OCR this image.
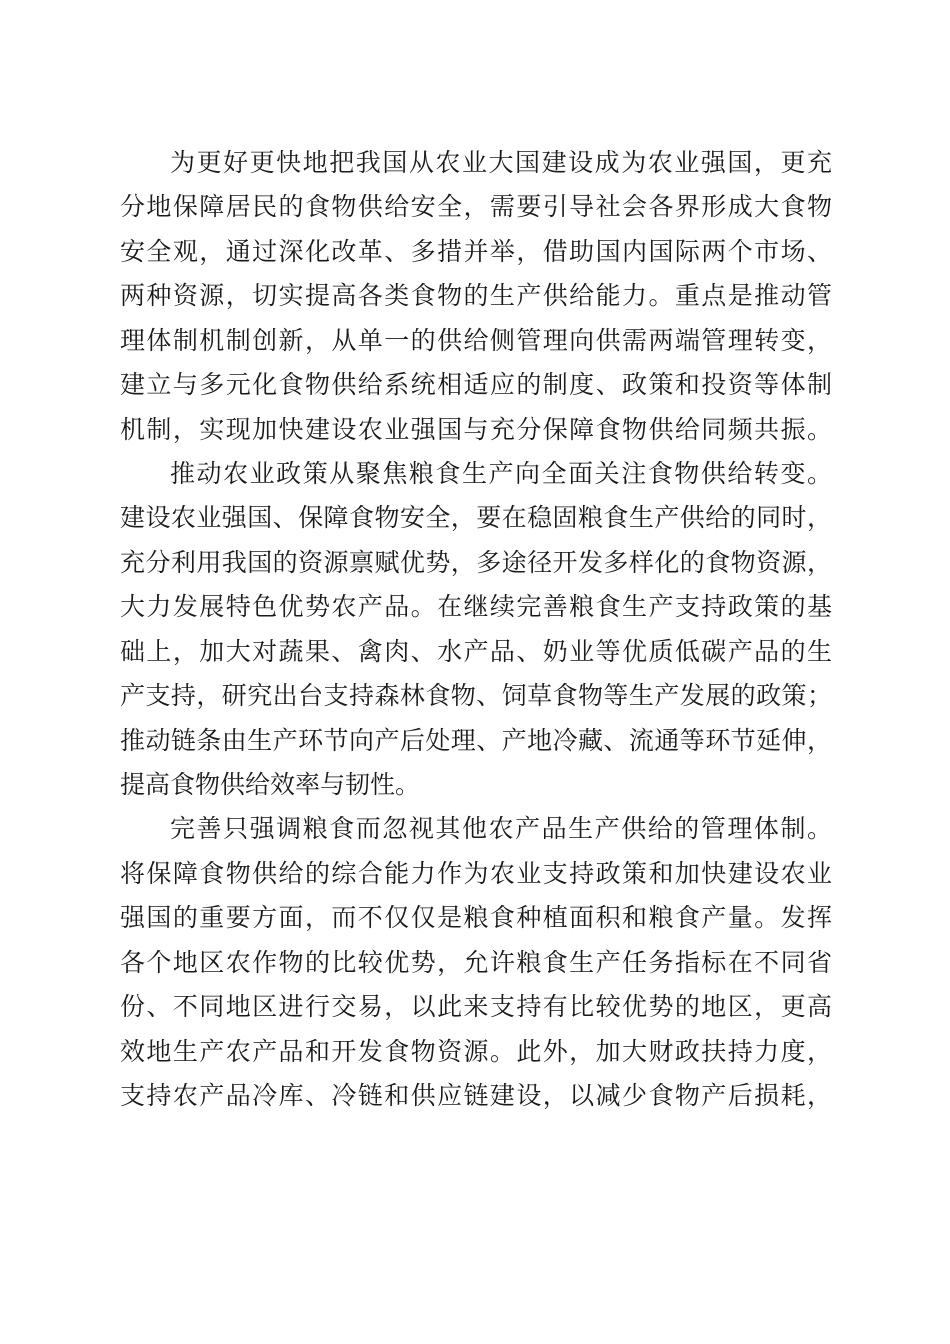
为更好更快地把我国从农业大国建设成为农业强国，更充
分地保障居民的食物供给安全，需要引导社会各界形成大食物
安全观，通过深化改革、多措并举，借助国内国际两个市场、
两种资源，切实提高各类食物的生产供给能力。重点是推动管
理体制机制创新，从单一的供给侧管理向供需两端管理转变，
建立与多元化食物供给系统相适应的制度、政策和投资等体制
机制，实现加快建设农业强国与充分保障食物供给同频共振。
推动农业政策从聚焦粮食生产向全面关注食物供给转变。
建设农业强国、保障食物安全，要在稳固粮食生产供给的同时，
充分利用我国的资源禀赋优势，多途径开发多样化的食物资源，
大力发展特色优势农产品。在继续完善粮食生产支持政策的基
础上，加大对蔬果、禽肉、水产品、奶业等优质低碳产品的生
产支持，研究出台支持森林食物、饲草食物等生产发展的政策；
推动链条由生产环节向产后处理、产地冷藏、流通等环节延伸，
提高食物供给效率与韧性。
完善只强调粮食而忽视其他农产品生产供给的管理体制。
将保障食物供给的综合能力作为农业支持政策和加快建设农业
强国的重要方面，而不仅仅是粮食种植面积和粮食产量。发挥
各个地区农作物的比较优势，允许粮食生产任务指标在不同省
份、不同地区进行交易，以此来支持有比较优势的地区，更高
效地生产农产品和开发食物资源。此外，加大财政扶持力度，
支持农产品冷库、冷链和供应链建设，以减少食物产后损耗，
